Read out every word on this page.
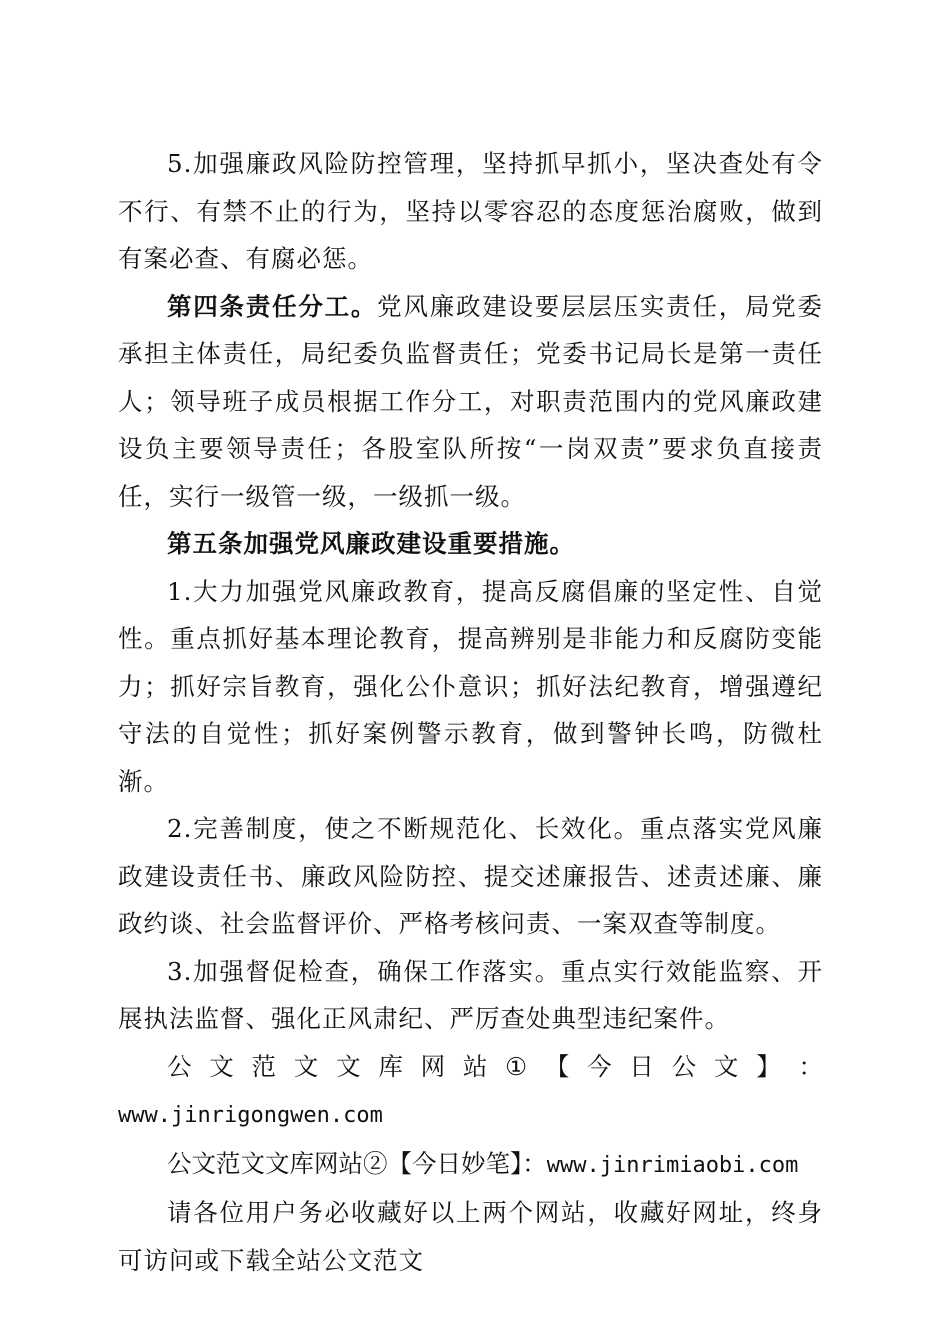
5.加强廉政风险防控管理，坚持抓早抓小，坚决查处有令不行、有禁不止的行为，坚持以零容忍的态度惩治腐败，做到有案必查、有腐必惩。

第四条责任分工。党风廉政建设要层层压实责任，局党委承担主体责任，局纪委负监督责任；党委书记局长是第一责任人；领导班子成员根据工作分工，对职责范围内的党风廉政建设负主要领导责任；各股室队所按“一岗双责”要求负直接责任，实行一级管一级，一级抓一级。

第五条加强党风廉政建设重要措施。

1.大力加强党风廉政教育，提高反腐倡廉的坚定性、自觉性。重点抓好基本理论教育，提高辨别是非能力和反腐防变能力；抓好宗旨教育，强化公仆意识；抓好法纪教育，增强遵纪守法的自觉性；抓好案例警示教育，做到警钟长鸣，防微杜渐。

2.完善制度，使之不断规范化、长效化。重点落实党风廉政建设责任书、廉政风险防控、提交述廉报告、述责述廉、廉政约谈、社会监督评价、严格考核问责、一案双查等制度。

3.加强督促检查，确保工作落实。重点实行效能监察、开展执法监督、强化正风肃纪、严厉查处典型违纪案件。

公 文 范 文 文 库 网 站 ① 【 今 日 公 文 】 ：

www.jinrigongwen.com

公文范文文库网站②【今日妙笔】：www.jinrimiaobi.com

请各位用户务必收藏好以上两个网站，收藏好网址，终身可访问或下载全站公文范文
